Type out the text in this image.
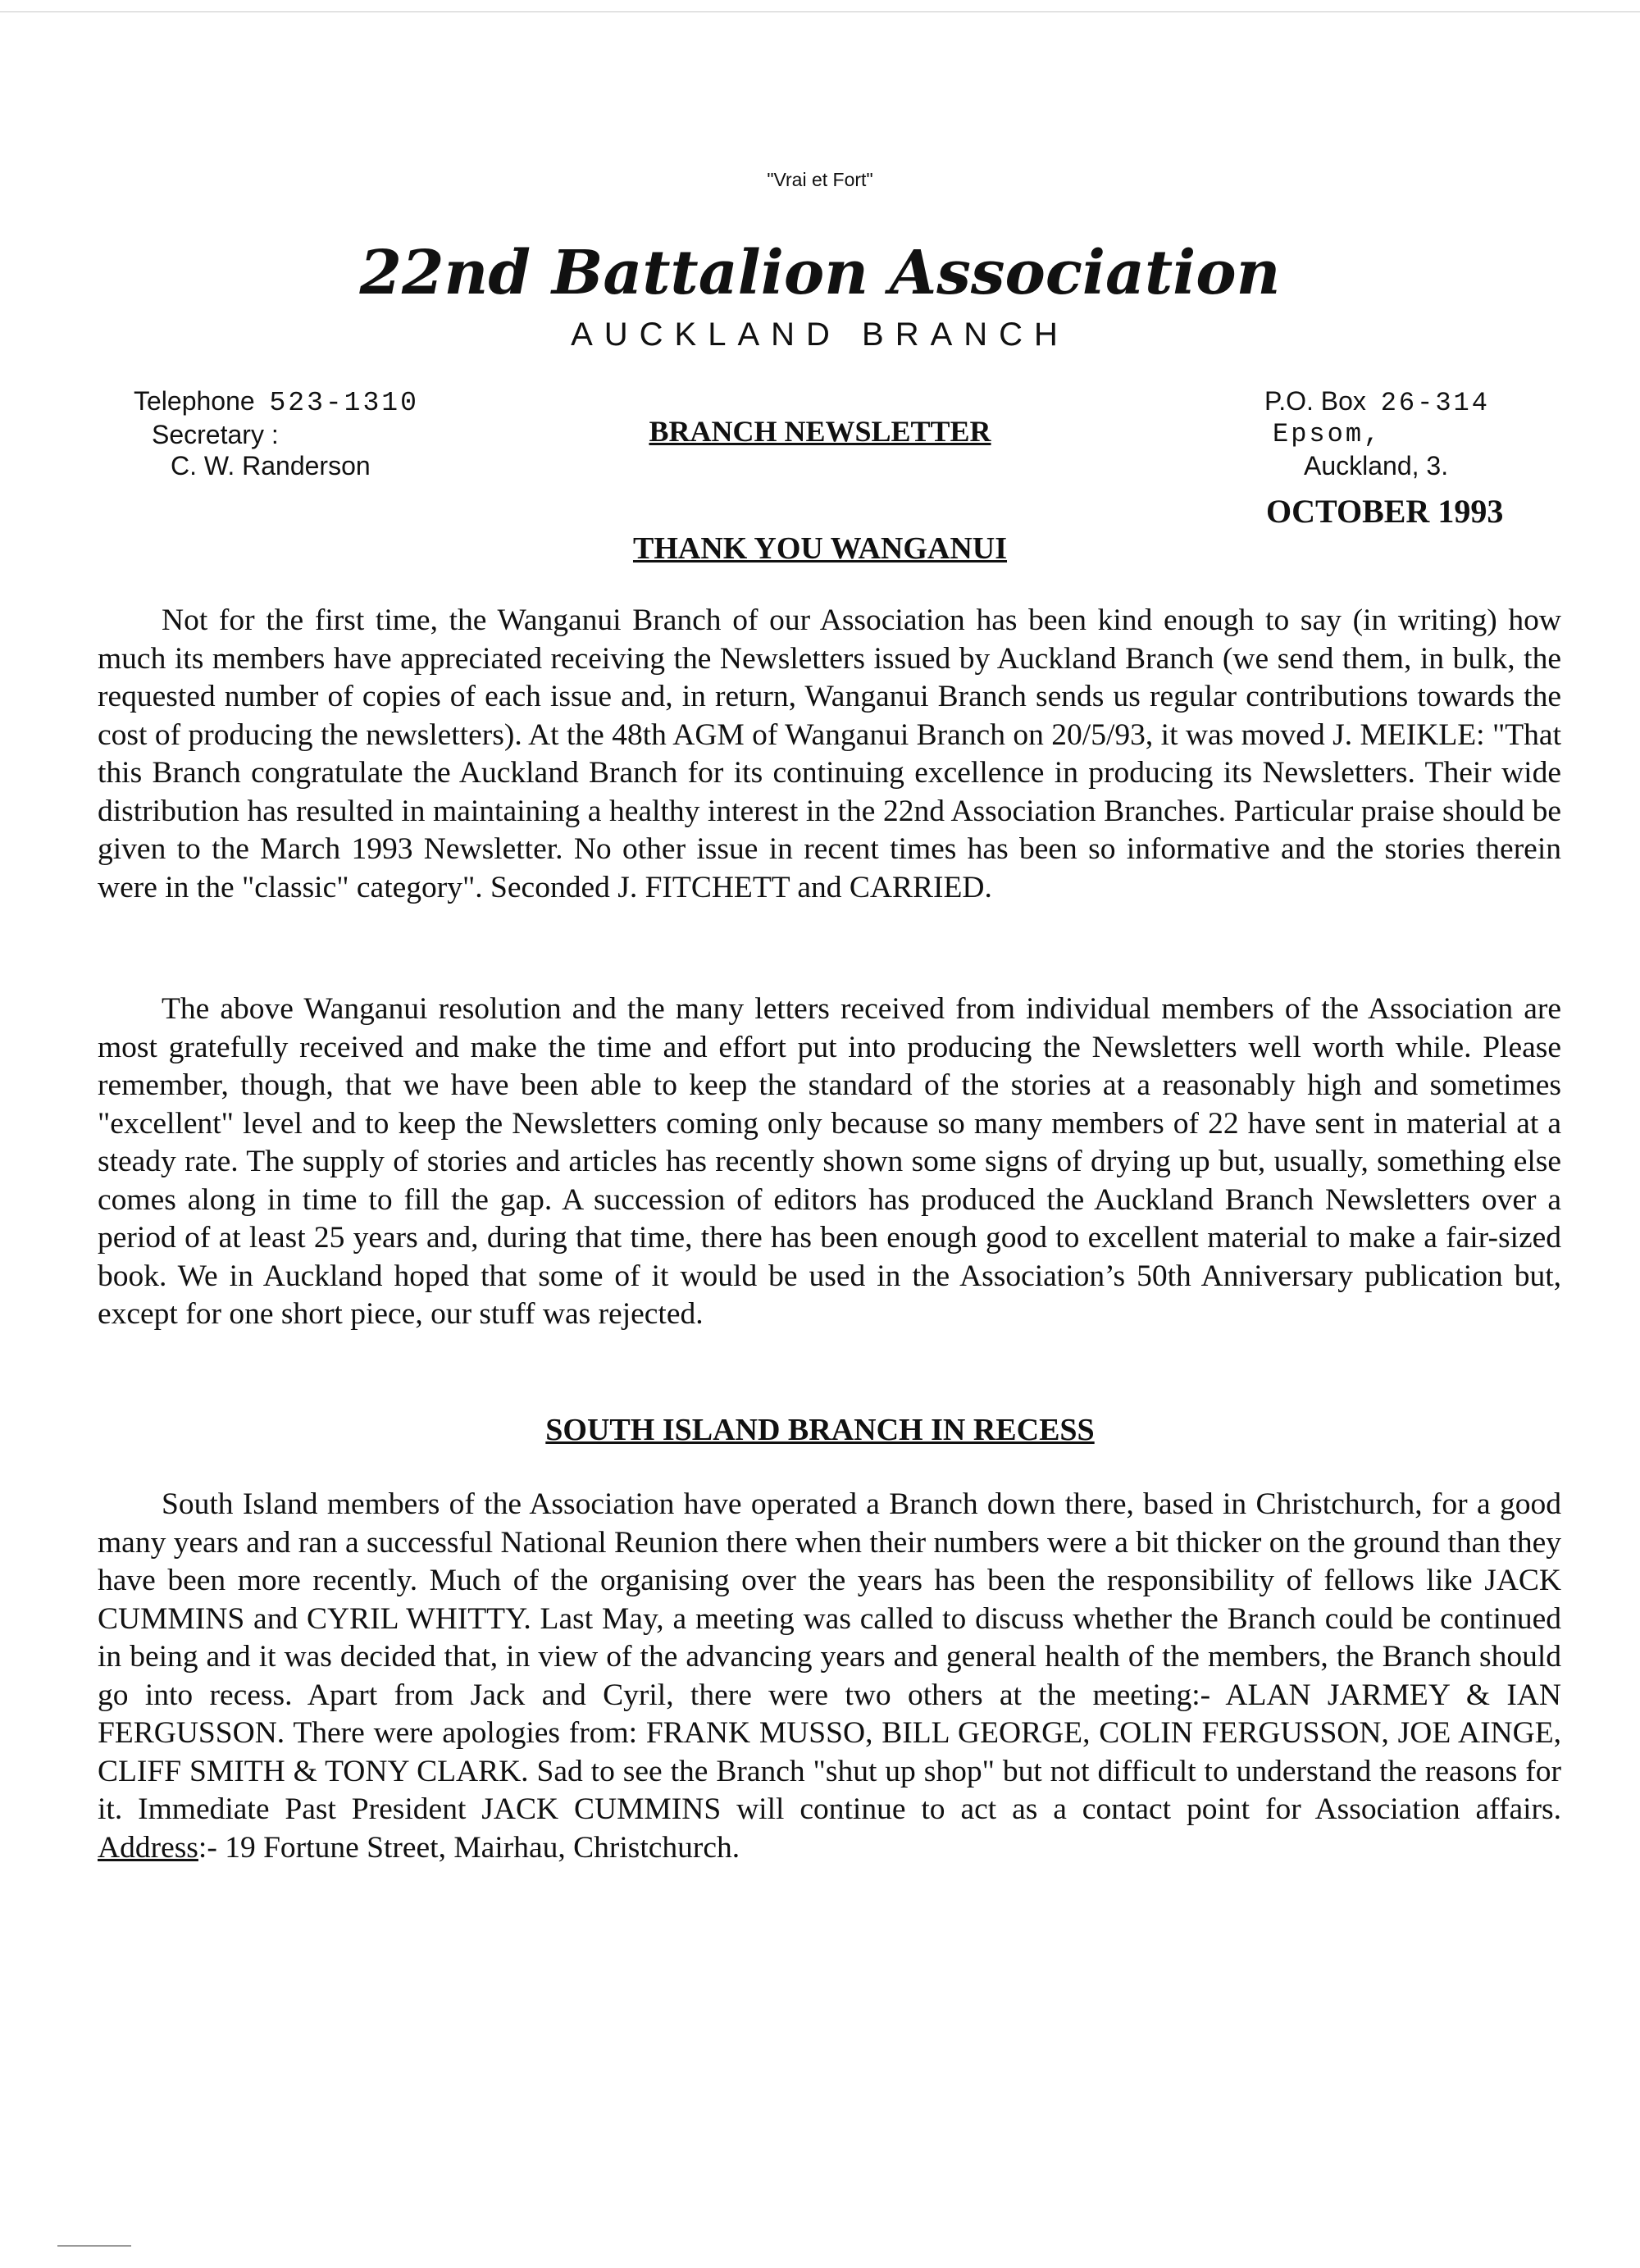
"Vrai et Fort"
22nd Battalion Association
AUCKLAND BRANCH
Telephone 523-1310
Secretary :
C. W. Randerson
BRANCH NEWSLETTER
P.O. Box 26-314
Epsom,
Auckland, 3.
OCTOBER 1993
THANK YOU WANGANUI

Not for the first time, the Wanganui Branch of our Association has been kind enough to say (in writing) how much its members have appreciated receiving the Newsletters issued by Auckland Branch (we send them, in bulk, the requested number of copies of each issue and, in return, Wanganui Branch sends us regular contributions towards the cost of producing the newsletters). At the 48th AGM of Wanganui Branch on 20/5/93, it was moved J. MEIKLE: "That this Branch congratulate the Auckland Branch for its continuing excellence in producing its Newsletters. Their wide distribution has resulted in maintaining a healthy interest in the 22nd Association Branches. Particular praise should be given to the March 1993 Newsletter. No other issue in recent times has been so informative and the stories therein were in the "classic" category". Seconded J. FITCHETT and CARRIED.

The above Wanganui resolution and the many letters received from individual members of the Association are most gratefully received and make the time and effort put into producing the Newsletters well worth while. Please remember, though, that we have been able to keep the standard of the stories at a reasonably high and sometimes "excellent" level and to keep the Newsletters coming only because so many members of 22 have sent in material at a steady rate. The supply of stories and articles has recently shown some signs of drying up but, usually, something else comes along in time to fill the gap. A succession of editors has produced the Auckland Branch Newsletters over a period of at least 25 years and, during that time, there has been enough good to excellent material to make a fair-sized book. We in Auckland hoped that some of it would be used in the Association’s 50th Anniversary publication but, except for one short piece, our stuff was rejected.

SOUTH ISLAND BRANCH IN RECESS

South Island members of the Association have operated a Branch down there, based in Christchurch, for a good many years and ran a successful National Reunion there when their numbers were a bit thicker on the ground than they have been more recently. Much of the organising over the years has been the responsibility of fellows like JACK CUMMINS and CYRIL WHITTY. Last May, a meeting was called to discuss whether the Branch could be continued in being and it was decided that, in view of the advancing years and general health of the members, the Branch should go into recess. Apart from Jack and Cyril, there were two others at the meeting:- ALAN JARMEY & IAN FERGUSSON. There were apologies from: FRANK MUSSO, BILL GEORGE, COLIN FERGUSSON, JOE AINGE, CLIFF SMITH & TONY CLARK. Sad to see the Branch "shut up shop" but not difficult to understand the reasons for it. Immediate Past President JACK CUMMINS will continue to act as a contact point for Association affairs. Address:- 19 Fortune Street, Mairhau, Christchurch.
